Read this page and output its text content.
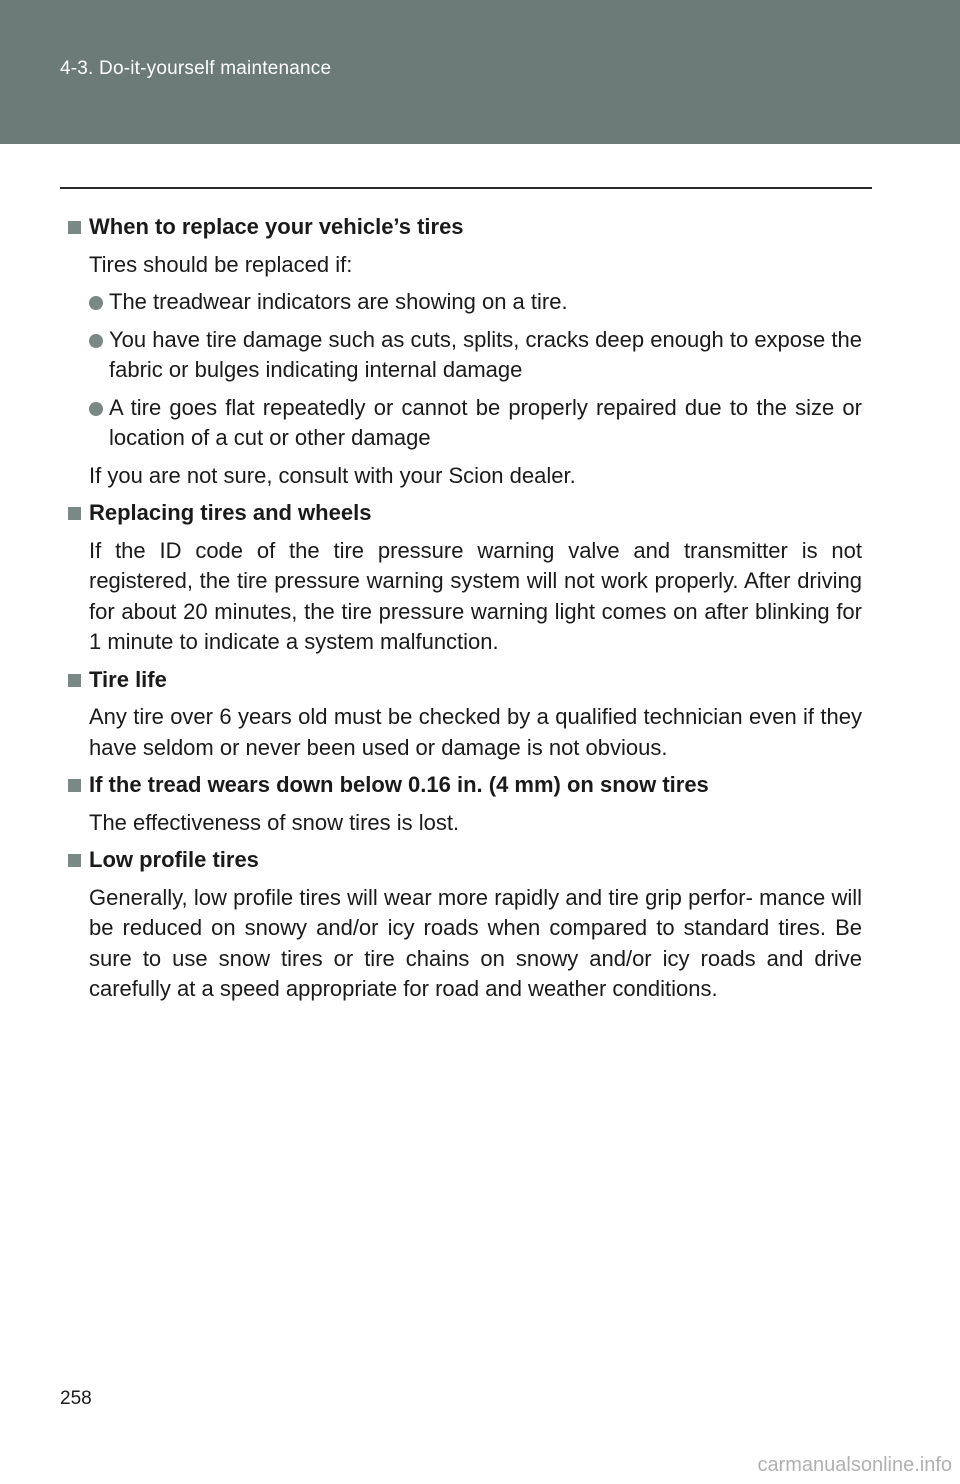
4-3. Do-it-yourself maintenance
When to replace your vehicle’s tires
Tires should be replaced if:
The treadwear indicators are showing on a tire.
You have tire damage such as cuts, splits, cracks deep enough to expose the fabric or bulges indicating internal damage
A tire goes flat repeatedly or cannot be properly repaired due to the size or location of a cut or other damage
If you are not sure, consult with your Scion dealer.
Replacing tires and wheels
If the ID code of the tire pressure warning valve and transmitter is not registered, the tire pressure warning system will not work properly. After driving for about 20 minutes, the tire pressure warning light comes on after blinking for 1 minute to indicate a system malfunction.
Tire life
Any tire over 6 years old must be checked by a qualified technician even if they have seldom or never been used or damage is not obvious.
If the tread wears down below 0.16 in. (4 mm) on snow tires
The effectiveness of snow tires is lost.
Low profile tires
Generally, low profile tires will wear more rapidly and tire grip perfor- mance will be reduced on snowy and/or icy roads when compared to standard tires. Be sure to use snow tires or tire chains on snowy and/or icy roads and drive carefully at a speed appropriate for road and weather conditions.
258
carmanualsonline.info
